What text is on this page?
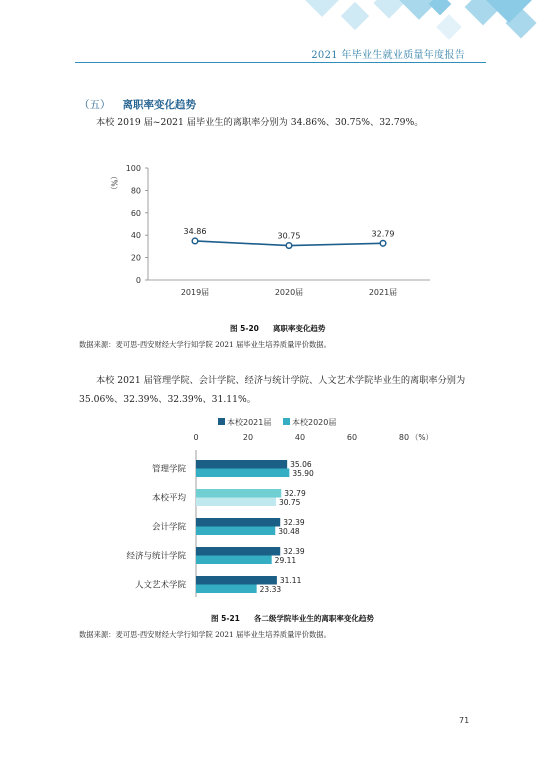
2021 年毕业生就业质量年度报告
（五） 离职率变化趋势
本校 2019 届~2021 届毕业生的离职率分别为 34.86%、30.75%、32.79%。
0
20
40
60
80
100
（%）
2019届	2020届	2021届
34.86
30.75	32.79
图 5-20 离职率变化趋势
数据来源：麦可思-西安财经大学行知学院 2021 届毕业生培养质量评价数据。
本校 2021 届管理学院、会计学院、经济与统计学院、人文艺术学院毕业生的离职率分别为
35.06%、32.39%、32.39%、31.11%。
本校2021届	本校2020届
0	20	40	60	80 （%）
管理学院	35.06
35.90
本校平均	32.79
30.75
会计学院	32.39
30.48
经济与统计学院	32.39
29.11
人文艺术学院	31.11
23.33
图 5-21 各二级学院毕业生的离职率变化趋势
数据来源：麦可思-西安财经大学行知学院 2021 届毕业生培养质量评价数据。
71
